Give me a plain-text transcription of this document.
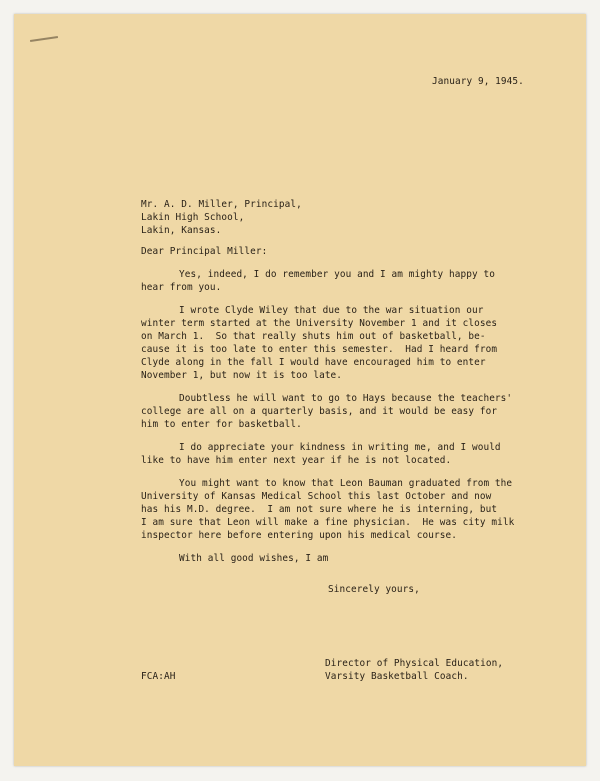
January 9, 1945.

Mr. A. D. Miller, Principal,

Lakin High School,

Lakin, Kansas.

Dear Principal Miller:

Yes, indeed, I do remember you and I am mighty happy to

hear from you.

I wrote Clyde Wiley that due to the war situation our

winter term started at the University November 1 and it closes

on March 1.  So that really shuts him out of basketball, be-

cause it is too late to enter this semester.  Had I heard from

Clyde along in the fall I would have encouraged him to enter

November 1, but now it is too late.

Doubtless he will want to go to Hays because the teachers'

college are all on a quarterly basis, and it would be easy for

him to enter for basketball.

I do appreciate your kindness in writing me, and I would

like to have him enter next year if he is not located.

You might want to know that Leon Bauman graduated from the

University of Kansas Medical School this last October and now

has his M.D. degree.  I am not sure where he is interning, but

I am sure that Leon will make a fine physician.  He was city milk

inspector here before entering upon his medical course.

With all good wishes, I am

Sincerely yours,

FCA:AH

Director of Physical Education,

Varsity Basketball Coach.
